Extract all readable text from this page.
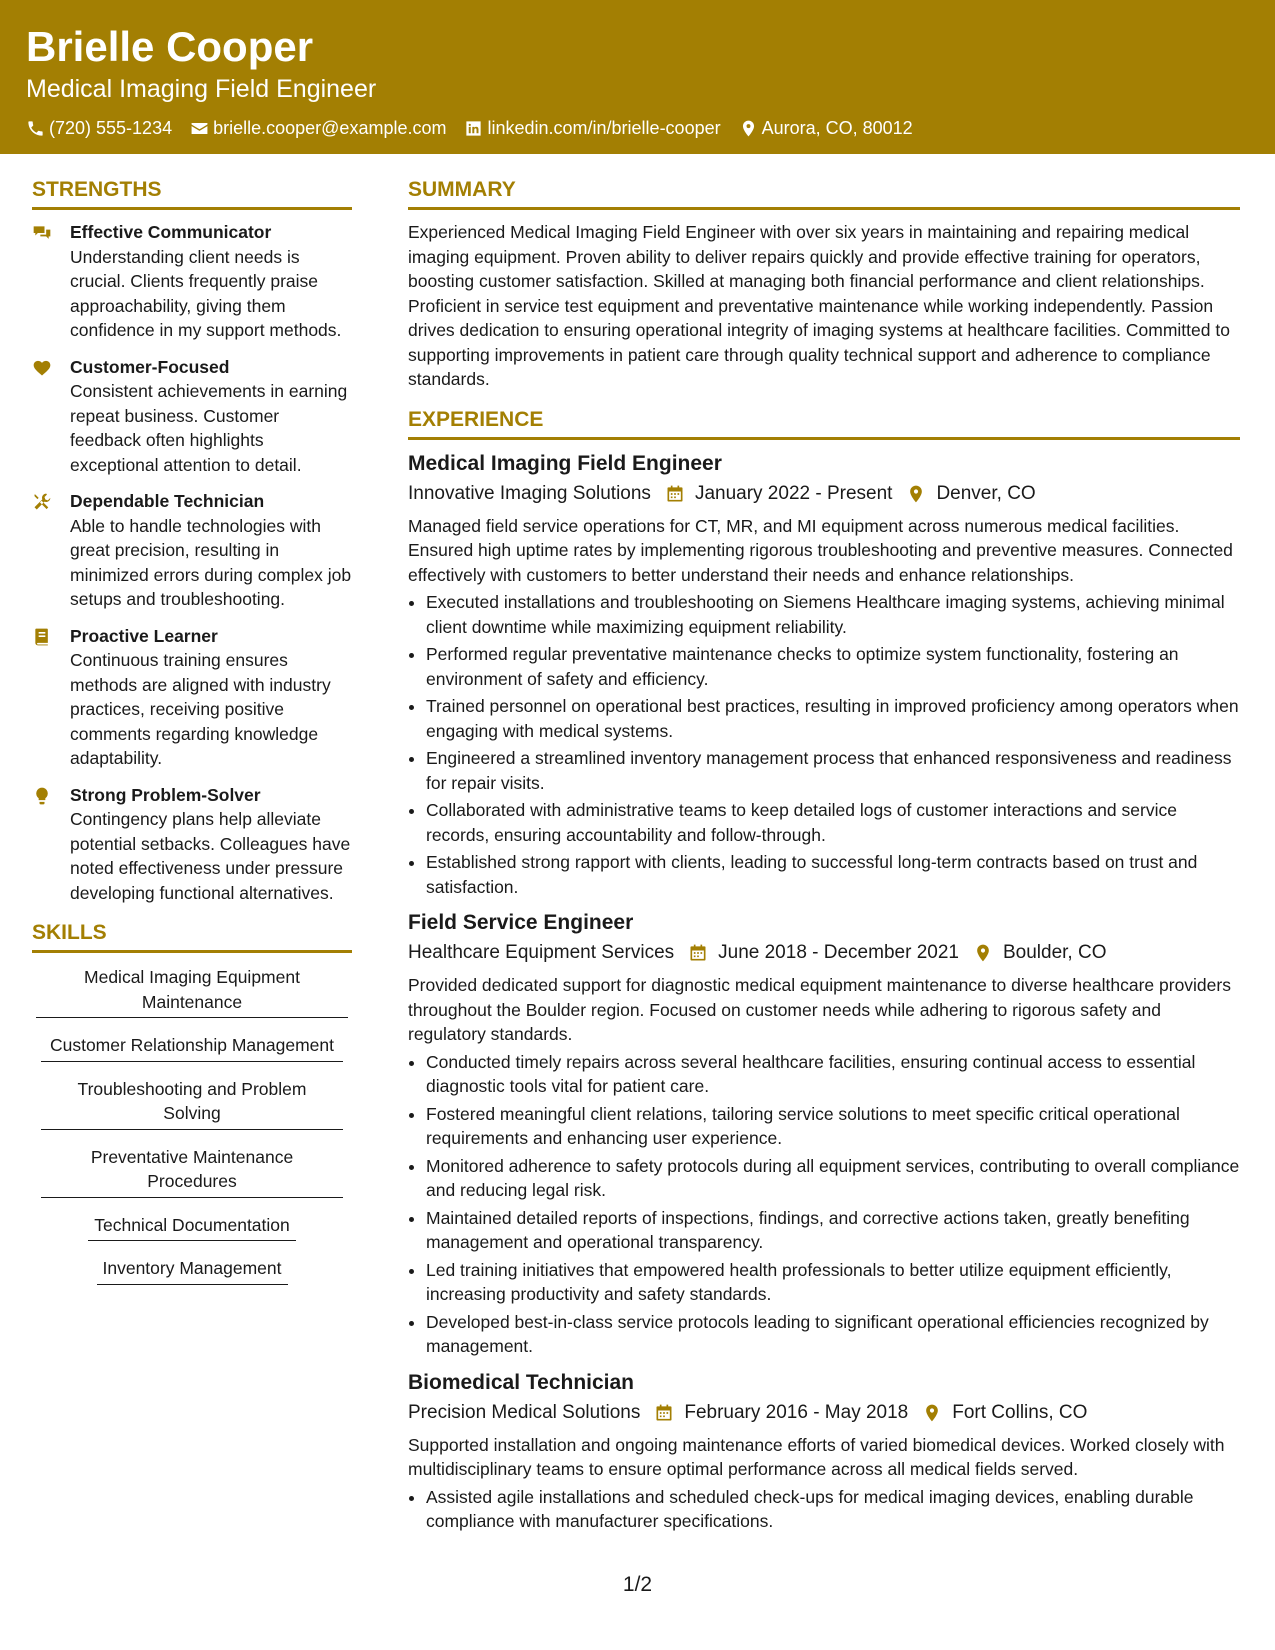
Brielle Cooper
Medical Imaging Field Engineer
(720) 555-1234 brielle.cooper@example.com linkedin.com/in/brielle-cooper Aurora, CO, 80012
STRENGTHS
Effective Communicator
Understanding client needs is crucial. Clients frequently praise approachability, giving them confidence in my support methods.
Customer-Focused
Consistent achievements in earning repeat business. Customer feedback often highlights exceptional attention to detail.
Dependable Technician
Able to handle technologies with great precision, resulting in minimized errors during complex job setups and troubleshooting.
Proactive Learner
Continuous training ensures methods are aligned with industry practices, receiving positive comments regarding knowledge adaptability.
Strong Problem-Solver
Contingency plans help alleviate potential setbacks. Colleagues have noted effectiveness under pressure developing functional alternatives.
SKILLS
Medical Imaging Equipment Maintenance
Customer Relationship Management
Troubleshooting and Problem Solving
Preventative Maintenance Procedures
Technical Documentation
Inventory Management
SUMMARY
Experienced Medical Imaging Field Engineer with over six years in maintaining and repairing medical imaging equipment. Proven ability to deliver repairs quickly and provide effective training for operators, boosting customer satisfaction. Skilled at managing both financial performance and client relationships. Proficient in service test equipment and preventative maintenance while working independently. Passion drives dedication to ensuring operational integrity of imaging systems at healthcare facilities. Committed to supporting improvements in patient care through quality technical support and adherence to compliance standards.
EXPERIENCE
Medical Imaging Field Engineer
Innovative Imaging Solutions January 2022 - Present Denver, CO
Managed field service operations for CT, MR, and MI equipment across numerous medical facilities. Ensured high uptime rates by implementing rigorous troubleshooting and preventive measures. Connected effectively with customers to better understand their needs and enhance relationships.
• Executed installations and troubleshooting on Siemens Healthcare imaging systems, achieving minimal client downtime while maximizing equipment reliability.
• Performed regular preventative maintenance checks to optimize system functionality, fostering an environment of safety and efficiency.
• Trained personnel on operational best practices, resulting in improved proficiency among operators when engaging with medical systems.
• Engineered a streamlined inventory management process that enhanced responsiveness and readiness for repair visits.
• Collaborated with administrative teams to keep detailed logs of customer interactions and service records, ensuring accountability and follow-through.
• Established strong rapport with clients, leading to successful long-term contracts based on trust and satisfaction.
Field Service Engineer
Healthcare Equipment Services June 2018 - December 2021 Boulder, CO
Provided dedicated support for diagnostic medical equipment maintenance to diverse healthcare providers throughout the Boulder region. Focused on customer needs while adhering to rigorous safety and regulatory standards.
• Conducted timely repairs across several healthcare facilities, ensuring continual access to essential diagnostic tools vital for patient care.
• Fostered meaningful client relations, tailoring service solutions to meet specific critical operational requirements and enhancing user experience.
• Monitored adherence to safety protocols during all equipment services, contributing to overall compliance and reducing legal risk.
• Maintained detailed reports of inspections, findings, and corrective actions taken, greatly benefiting management and operational transparency.
• Led training initiatives that empowered health professionals to better utilize equipment efficiently, increasing productivity and safety standards.
• Developed best-in-class service protocols leading to significant operational efficiencies recognized by management.
Biomedical Technician
Precision Medical Solutions February 2016 - May 2018 Fort Collins, CO
Supported installation and ongoing maintenance efforts of varied biomedical devices. Worked closely with multidisciplinary teams to ensure optimal performance across all medical fields served.
• Assisted agile installations and scheduled check-ups for medical imaging devices, enabling durable compliance with manufacturer specifications.
1/2
